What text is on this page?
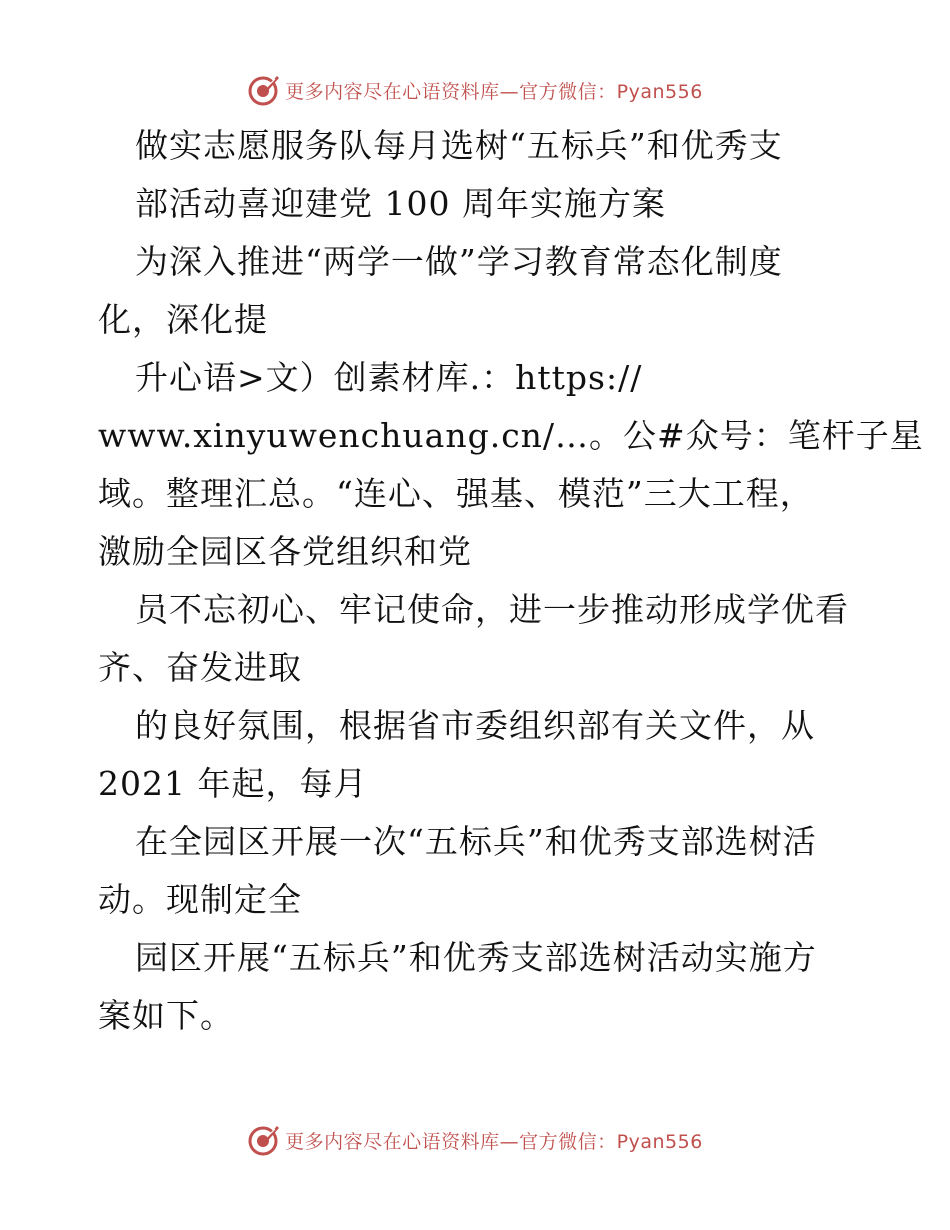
更多内容尽在心语资料库—官方微信：Pyan556
做实志愿服务队每月选树“五标兵”和优秀支
部活动喜迎建党 100 周年实施方案
为深入推进“两学一做”学习教育常态化制度
化，深化提
升心语>文）创素材库.：https://
www.xinyuwenchuang.cn/…。公#众号：笔杆子星
域。整理汇总。“连心、强基、模范”三大工程，
激励全园区各党组织和党
员不忘初心、牢记使命，进一步推动形成学优看
齐、奋发进取
的良好氛围，根据省市委组织部有关文件，从
2021 年起，每月
在全园区开展一次“五标兵”和优秀支部选树活
动。现制定全
园区开展“五标兵”和优秀支部选树活动实施方
案如下。
更多内容尽在心语资料库—官方微信：Pyan556
